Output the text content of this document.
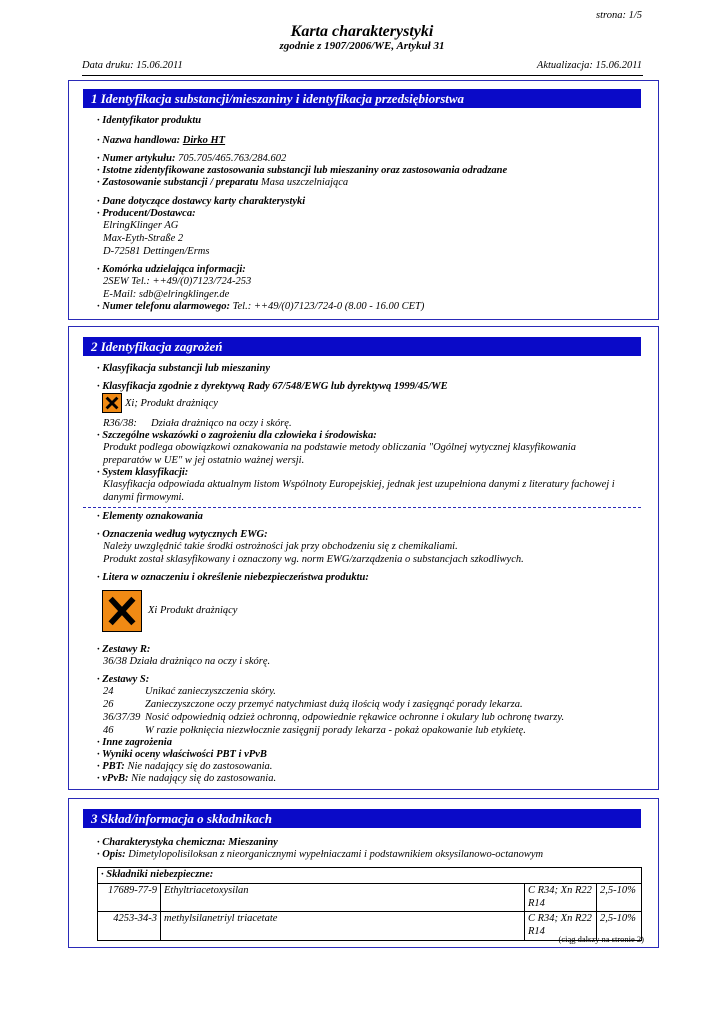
strona: 1/5
Karta charakterystyki
zgodnie z 1907/2006/WE, Artykuł 31
Data druku: 15.06.2011	Aktualizacja: 15.06.2011
1 Identyfikacja substancji/mieszaniny i identyfikacja przedsiębiorstwa
· Identyfikator produktu
· Nazwa handlowa: Dirko HT
· Numer artykułu: 705.705/465.763/284.602
· Istotne zidentyfikowane zastosowania substancji lub mieszaniny oraz zastosowania odradzane
· Zastosowanie substancji / preparatu Masa uszczelniająca
· Dane dotyczące dostawcy karty charakterystyki
· Producent/Dostawca:
ElringKlinger AG
Max-Eyth-Straße 2
D-72581 Dettingen/Erms
· Komórka udzielająca informacji:
2SEW Tel.: ++49/(0)7123/724-253
E-Mail: sdb@elringklinger.de
· Numer telefonu alarmowego: Tel.: ++49/(0)7123/724-0 (8.00 - 16.00 CET)
2 Identyfikacja zagrożeń
· Klasyfikacja substancji lub mieszaniny
· Klasyfikacja zgodnie z dyrektywą Rady 67/548/EWG lub dyrektywą 1999/45/WE
Xi; Produkt drażniący
R36/38: Działa drażniąco na oczy i skórę.
· Szczególne wskazówki o zagrożeniu dla człowieka i środowiska:
Produkt podlega obowiązkowi oznakowania na podstawie metody obliczania "Ogólnej wytycznej klasyfikowania
preparatów w UE" w jej ostatnio ważnej wersji.
· System klasyfikacji:
Klasyfikacja odpowiada aktualnym listom Wspólnoty Europejskiej, jednak jest uzupełniona danymi z literatury fachowej i
danymi firmowymi.
· Elementy oznakowania
· Oznaczenia według wytycznych EWG:
Należy uwzględnić takie środki ostrożności jak przy obchodzeniu się z chemikaliami.
Produkt został sklasyfikowany i oznaczony wg. norm EWG/zarządzenia o substancjach szkodliwych.
· Litera w oznaczeniu i określenie niebezpieczeństwa produktu:
Xi Produkt drażniący
· Zestawy R:
36/38 Działa drażniąco na oczy i skórę.
· Zestawy S:
24	Unikać zanieczyszczenia skóry.
26	Zanieczyszczone oczy przemyć natychmiast dużą ilością wody i zasięgnąć porady lekarza.
36/37/39 Nosić odpowiednią odzież ochronną, odpowiednie rękawice ochronne i okulary lub ochronę twarzy.
46	W razie połknięcia niezwłocznie zasięgnij porady lekarza - pokaż opakowanie lub etykietę.
· Inne zagrożenia
· Wyniki oceny właściwości PBT i vPvB
· PBT: Nie nadający się do zastosowania.
· vPvB: Nie nadający się do zastosowania.
3 Skład/informacja o składnikach
· Charakterystyka chemiczna: Mieszaniny
· Opis: Dimetylopolisiloksan z nieorganicznymi wypełniaczami i podstawnikiem oksysilanowo-octanowym
· Składniki niebezpieczne:			
17689-77-9	Ethyltriacetoxysilan	C R34; Xn R22 R14	2,5-10%
4253-34-3	methylsilanetriyl triacetate	C R34; Xn R22 R14	2,5-10%
(ciąg dalszy na stronie 2)
